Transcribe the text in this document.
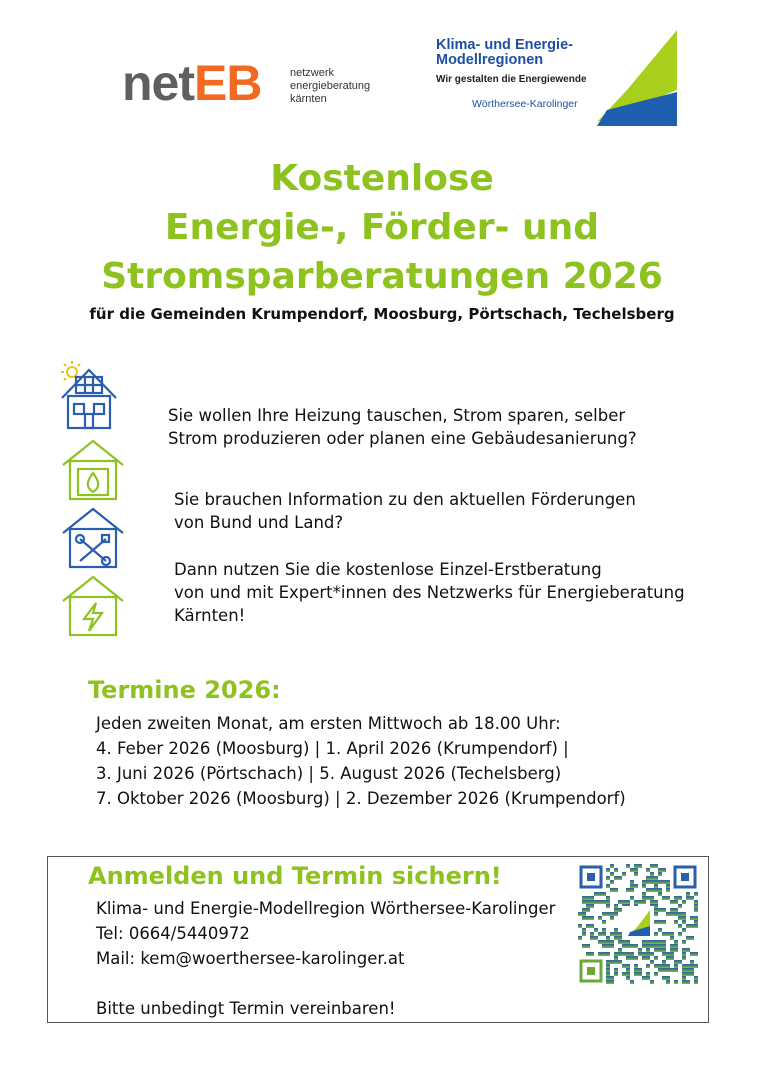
netEB	netzwerk
energieberatung
kärnten
Klima- und Energie-
Modellregionen
Wir gestalten die Energiewende
Wörthersee-Karolinger
Kostenlose
Energie-, Förder- und
Stromsparberatungen 2026
für die Gemeinden Krumpendorf, Moosburg, Pörtschach, Techelsberg
Sie wollen Ihre Heizung tauschen, Strom sparen, selber
Strom produzieren oder planen eine Gebäudesanierung?
Sie brauchen Information zu den aktuellen Förderungen
von Bund und Land?
Dann nutzen Sie die kostenlose Einzel-Erstberatung
von und mit Expert*innen des Netzwerks für Energieberatung
Kärnten!
Termine 2026:
Jeden zweiten Monat, am ersten Mittwoch ab 18.00 Uhr:
4. Feber 2026 (Moosburg) | 1. April 2026 (Krumpendorf) |
3. Juni 2026 (Pörtschach) | 5. August 2026 (Techelsberg)
7. Oktober 2026 (Moosburg) | 2. Dezember 2026 (Krumpendorf)
Anmelden und Termin sichern!
Klima- und Energie-Modellregion Wörthersee-Karolinger
Tel: 0664/5440972
Mail: kem@woerthersee-karolinger.at
Bitte unbedingt Termin vereinbaren!
